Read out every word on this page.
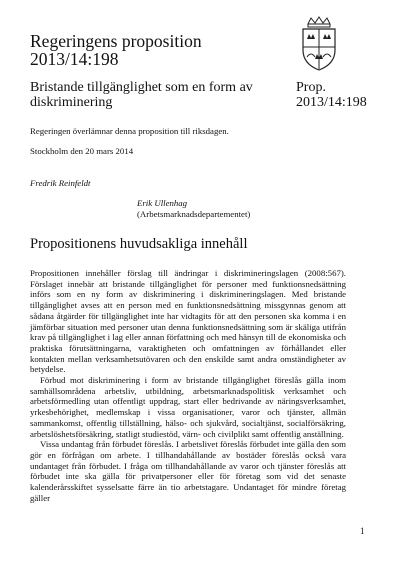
Regeringens proposition 2013/14:198
Bristande tillgänglighet som en form av diskriminering
Prop. 2013/14:198
Regeringen överlämnar denna proposition till riksdagen.
Stockholm den 20 mars 2014
Fredrik Reinfeldt
Erik Ullenhag
(Arbetsmarknadsdepartementet)
Propositionens huvudsakliga innehåll

Propositionen innehåller förslag till ändringar i diskrimineringslagen (2008:567). Förslaget innebär att bristande tillgänglighet för personer med funktionsnedsättning införs som en ny form av diskriminering i diskrimineringslagen. Med bristande tillgänglighet avses att en person med en funktionsnedsättning missgynnas genom att sådana åtgärder för tillgänglighet inte har vidtagits för att den personen ska komma i en jämförbar situation med personer utan denna funktionsnedsättning som är skäliga utifrån krav på tillgänglighet i lag eller annan författning och med hänsyn till de ekonomiska och praktiska förutsättningarna, varaktigheten och omfattningen av förhållandet eller kontakten mellan verksamhetsutövaren och den enskilde samt andra omständigheter av betydelse.

Förbud mot diskriminering i form av bristande tillgänglighet föreslås gälla inom samhällsområdena arbetsliv, utbildning, arbetsmarknadspolitisk verksamhet och arbetsförmedling utan offentligt uppdrag, start eller bedrivande av näringsverksamhet, yrkesbehörighet, medlemskap i vissa organisationer, varor och tjänster, allmän sammankomst, offentlig tillställning, hälso- och sjukvård, socialtjänst, socialförsäkring, arbetslöshetsförsäkring, statligt studiestöd, värn- och civilplikt samt offentlig anställning.

Vissa undantag från förbudet föreslås. I arbetslivet föreslås förbudet inte gälla den som gör en förfrågan om arbete. I tillhandahållande av bostäder föreslås också vara undantaget från förbudet. I fråga om tillhandahållande av varor och tjänster föreslås att förbudet inte ska gälla för privatpersoner eller för företag som vid det senaste kalenderårsskiftet sysselsatte färre än tio arbetstagare. Undantaget för mindre företag gäller

1
